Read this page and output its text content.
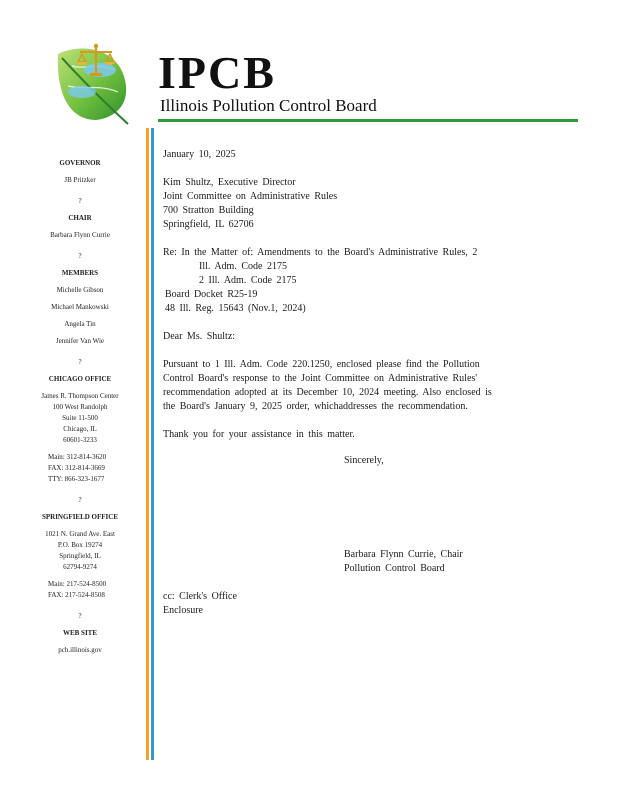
IPCB
Illinois Pollution Control Board

GOVERNOR

JB Pritzker

?

CHAIR

Barbara Flynn Currie

?

MEMBERS

Michelle Gibson

Michael Mankowski

Angela Tin

Jennifer Van Wie

?

CHICAGO OFFICE

James R. Thompson Center

100 West Randolph

Suite 11-500

Chicago, IL

60601-3233

Main: 312-814-3620

FAX: 312-814-3669

TTY: 866-323-1677

?

SPRINGFIELD OFFICE

1021 N. Grand Ave. East

P.O. Box 19274

Springfield, IL

62794-9274

Main: 217-524-8500

FAX: 217-524-8508

?

WEB SITE

pcb.illinois.gov

January 10, 2025

Kim Shultz, Executive Director

Joint Committee on Administrative Rules

700 Stratton Building

Springfield, IL 62706

Re: In the Matter of: Amendments to the Board's Administrative Rules, 2

Ill. Adm. Code 2175

2 Ill. Adm. Code 2175

Board Docket R25-19

48 Ill. Reg. 15643 (Nov.1, 2024)

Dear Ms. Shultz:

Pursuant to 1 Ill. Adm. Code 220.1250, enclosed please find the Pollution

Control Board's response to the Joint Committee on Administrative Rules'

recommendation adopted at its December 10, 2024 meeting. Also enclosed is

the Board's January 9, 2025 order, whichaddresses the recommendation.

Thank you for your assistance in this matter.

Sincerely,

Barbara Flynn Currie, Chair

Pollution Control Board

cc: Clerk's Office

Enclosure
